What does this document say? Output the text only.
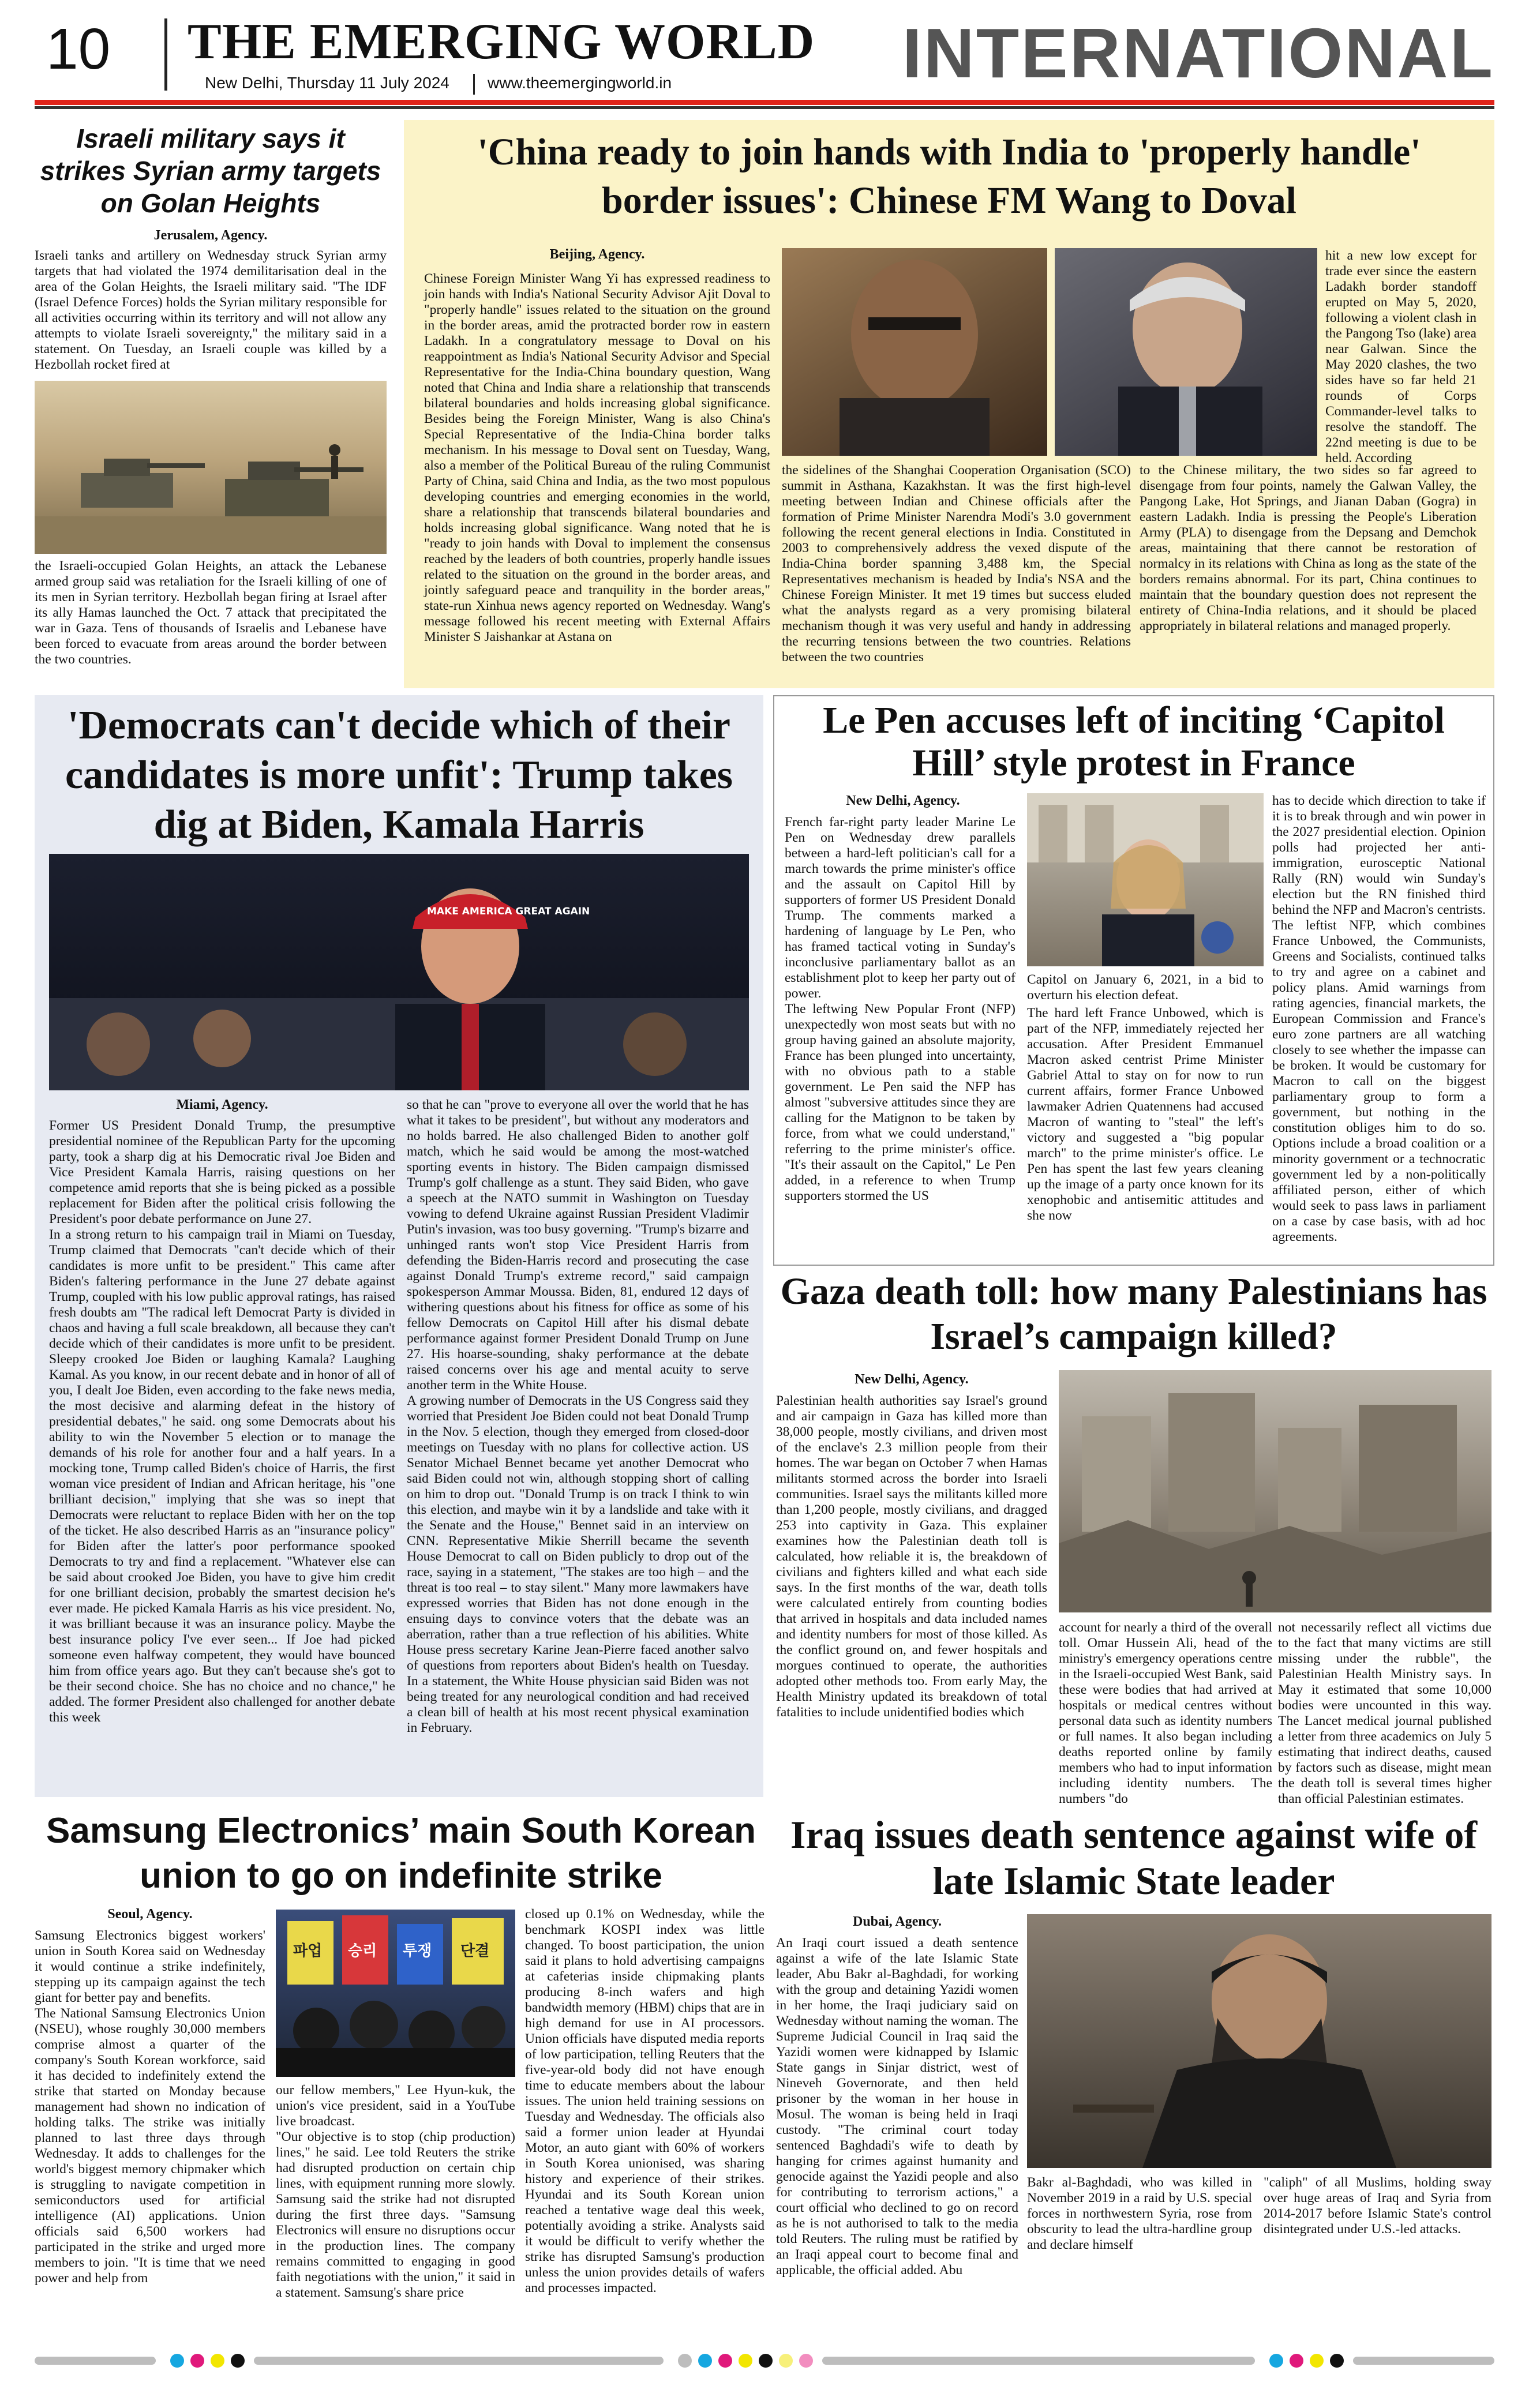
10 THE EMERGING WORLD
New Delhi, Thursday 11 July 2024 www.theemergingworld.in	INTERNATIONAL
Israeli military says it strikes Syrian army targets on Golan Heights
Jerusalem, Agency.
Israeli tanks and artillery on Wednesday struck Syrian army targets that had violated the 1974 demilitarisation deal in the area of the Golan Heights, the Israeli military said. "The IDF (Israel Defence Forces) holds the Syrian military responsible for all activities occurring within its territory and will not allow any attempts to violate Israeli sovereignty," the military said in a statement. On Tuesday, an Israeli couple was killed by a Hezbollah rocket fired at
the Israeli-occupied Golan Heights, an attack the Lebanese armed group said was retaliation for the Israeli killing of one of its men in Syrian territory. Hezbollah began firing at Israel after its ally Hamas launched the Oct. 7 attack that precipitated the war in Gaza. Tens of thousands of Israelis and Lebanese have been forced to evacuate from areas around the border between the two countries.
'China ready to join hands with India to 'properly handle' border issues': Chinese FM Wang to Doval
Beijing, Agency.
Chinese Foreign Minister Wang Yi has expressed readiness to join hands with India's National Security Advisor Ajit Doval to "properly handle" issues related to the situation on the ground in the border areas, amid the protracted border row in eastern Ladakh. In a congratulatory message to Doval on his reappointment as India's National Security Advisor and Special Representative for the India-China boundary question, Wang noted that China and India share a relationship that transcends bilateral boundaries and holds increasing global significance. Besides being the Foreign Minister, Wang is also China's Special Representative of the India-China border talks mechanism. In his message to Doval sent on Tuesday, Wang, also a member of the Political Bureau of the ruling Communist Party of China, said China and India, as the two most populous developing countries and emerging economies in the world, share a relationship that transcends bilateral boundaries and holds increasing global significance. Wang noted that he is "ready to join hands with Doval to implement the consensus reached by the leaders of both countries, properly handle issues related to the situation on the ground in the border areas, and jointly safeguard peace and tranquility in the border areas," state-run Xinhua news agency reported on Wednesday. Wang's message followed his recent meeting with External Affairs Minister S Jaishankar at Astana on
the sidelines of the Shanghai Cooperation Organisation (SCO) summit in Asthana, Kazakhstan. It was the first high-level meeting between Indian and Chinese officials after the formation of Prime Minister Narendra Modi's 3.0 government following the recent general elections in India. Constituted in 2003 to comprehensively address the vexed dispute of the India-China border spanning 3,488 km, the Special Representatives mechanism is headed by India's NSA and the Chinese Foreign Minister. It met 19 times but success eluded what the analysts regard as a very promising bilateral mechanism though it was very useful and handy in addressing the recurring tensions between the two countries. Relations between the two countries
hit a new low except for trade ever since the eastern Ladakh border standoff erupted on May 5, 2020, following a violent clash in the Pangong Tso (lake) area near Galwan. Since the May 2020 clashes, the two sides have so far held 21 rounds of Corps Commander-level talks to resolve the standoff. The 22nd meeting is due to be held. According
to the Chinese military, the two sides so far agreed to disengage from four points, namely the Galwan Valley, the Pangong Lake, Hot Springs, and Jianan Daban (Gogra) in eastern Ladakh. India is pressing the People's Liberation Army (PLA) to disengage from the Depsang and Demchok areas, maintaining that there cannot be restoration of normalcy in its relations with China as long as the state of the borders remains abnormal. For its part, China continues to maintain that the boundary question does not represent the entirety of China-India relations, and it should be placed appropriately in bilateral relations and managed properly.
'Democrats can't decide which of their candidates is more unfit': Trump takes dig at Biden, Kamala Harris
MAKE AMERICA GREAT AGAIN
Miami, Agency.
Former US President Donald Trump, the presumptive presidential nominee of the Republican Party for the upcoming party, took a sharp dig at his Democratic rival Joe Biden and Vice President Kamala Harris, raising questions on her competence amid reports that she is being picked as a possible replacement for Biden after the political crisis following the President's poor debate performance on June 27.
In a strong return to his campaign trail in Miami on Tuesday, Trump claimed that Democrats "can't decide which of their candidates is more unfit to be president." This came after Biden's faltering performance in the June 27 debate against Trump, coupled with his low public approval ratings, has raised fresh doubts am "The radical left Democrat Party is divided in chaos and having a full scale breakdown, all because they can't decide which of their candidates is more unfit to be president. Sleepy crooked Joe Biden or laughing Kamala? Laughing Kamal. As you know, in our recent debate and in honor of all of you, I dealt Joe Biden, even according to the fake news media, the most decisive and alarming defeat in the history of presidential debates," he said. ong some Democrats about his ability to win the November 5 election or to manage the demands of his role for another four and a half years. In a mocking tone, Trump called Biden's choice of Harris, the first woman vice president of Indian and African heritage, his "one brilliant decision," implying that she was so inept that Democrats were reluctant to replace Biden with her on the top of the ticket. He also described Harris as an "insurance policy" for Biden after the latter's poor performance spooked Democrats to try and find a replacement. "Whatever else can be said about crooked Joe Biden, you have to give him credit for one brilliant decision, probably the smartest decision he's ever made. He picked Kamala Harris as his vice president. No, it was brilliant because it was an insurance policy. Maybe the best insurance policy I've ever seen... If Joe had picked someone even halfway competent, they would have bounced him from office years ago. But they can't because she's got to be their second choice. She has no choice and no chance," he added. The former President also challenged for another debate this week
so that he can "prove to everyone all over the world that he has what it takes to be president", but without any moderators and no holds barred. He also challenged Biden to another golf match, which he said would be among the most-watched sporting events in history. The Biden campaign dismissed Trump's golf challenge as a stunt. They said Biden, who gave a speech at the NATO summit in Washington on Tuesday vowing to defend Ukraine against Russian President Vladimir Putin's invasion, was too busy governing. "Trump's bizarre and unhinged rants won't stop Vice President Harris from defending the Biden-Harris record and prosecuting the case against Donald Trump's extreme record," said campaign spokesperson Ammar Moussa. Biden, 81, endured 12 days of withering questions about his fitness for office as some of his fellow Democrats on Capitol Hill after his dismal debate performance against former President Donald Trump on June 27. His hoarse-sounding, shaky performance at the debate raised concerns over his age and mental acuity to serve another term in the White House.
A growing number of Democrats in the US Congress said they worried that President Joe Biden could not beat Donald Trump in the Nov. 5 election, though they emerged from closed-door meetings on Tuesday with no plans for collective action. US Senator Michael Bennet became yet another Democrat who said Biden could not win, although stopping short of calling on him to drop out. "Donald Trump is on track I think to win this election, and maybe win it by a landslide and take with it the Senate and the House," Bennet said in an interview on CNN. Representative Mikie Sherrill became the seventh House Democrat to call on Biden publicly to drop out of the race, saying in a statement, "The stakes are too high – and the threat is too real – to stay silent." Many more lawmakers have expressed worries that Biden has not done enough in the ensuing days to convince voters that the debate was an aberration, rather than a true reflection of his abilities. White House press secretary Karine Jean-Pierre faced another salvo of questions from reporters about Biden's health on Tuesday. In a statement, the White House physician said Biden was not being treated for any neurological condition and had received a clean bill of health at his most recent physical examination in February.
Le Pen accuses left of inciting ‘Capitol Hill’ style protest in France
New Delhi, Agency.
French far-right party leader Marine Le Pen on Wednesday drew parallels between a hard-left politician's call for a march towards the prime minister's office and the assault on Capitol Hill by supporters of former US President Donald Trump. The comments marked a hardening of language by Le Pen, who has framed tactical voting in Sunday's inconclusive parliamentary ballot as an establishment plot to keep her party out of power.
The leftwing New Popular Front (NFP) unexpectedly won most seats but with no group having gained an absolute majority, France has been plunged into uncertainty, with no obvious path to a stable government. Le Pen said the NFP has almost "subversive attitudes since they are calling for the Matignon to be taken by force, from what we could understand," referring to the prime minister's office. "It's their assault on the Capitol," Le Pen added, in a reference to when Trump supporters stormed the US
Capitol on January 6, 2021, in a bid to overturn his election defeat.
The hard left France Unbowed, which is part of the NFP, immediately rejected her accusation. After President Emmanuel Macron asked centrist Prime Minister Gabriel Attal to stay on for now to run current affairs, former France Unbowed lawmaker Adrien Quatennens had accused Macron of wanting to "steal" the left's victory and suggested a "big popular march" to the prime minister's office. Le Pen has spent the last few years cleaning up the image of a party once known for its xenophobic and antisemitic attitudes and she now
has to decide which direction to take if it is to break through and win power in the 2027 presidential election. Opinion polls had projected her anti-immigration, eurosceptic National Rally (RN) would win Sunday's election but the RN finished third behind the NFP and Macron's centrists. The leftist NFP, which combines France Unbowed, the Communists, Greens and Socialists, continued talks to try and agree on a cabinet and policy plans. Amid warnings from rating agencies, financial markets, the European Commission and France's euro zone partners are all watching closely to see whether the impasse can be broken. It would be customary for Macron to call on the biggest parliamentary group to form a government, but nothing in the constitution obliges him to do so. Options include a broad coalition or a minority government or a technocratic government led by a non-politically affiliated person, either of which would seek to pass laws in parliament on a case by case basis, with ad hoc agreements.
Gaza death toll: how many Palestinians has Israel’s campaign killed?
New Delhi, Agency.
Palestinian health authorities say Israel's ground and air campaign in Gaza has killed more than 38,000 people, mostly civilians, and driven most of the enclave's 2.3 million people from their homes. The war began on October 7 when Hamas militants stormed across the border into Israeli communities. Israel says the militants killed more than 1,200 people, mostly civilians, and dragged 253 into captivity in Gaza. This explainer examines how the Palestinian death toll is calculated, how reliable it is, the breakdown of civilians and fighters killed and what each side says. In the first months of the war, death tolls were calculated entirely from counting bodies that arrived in hospitals and data included names and identity numbers for most of those killed. As the conflict ground on, and fewer hospitals and morgues continued to operate, the authorities adopted other methods too. From early May, the Health Ministry updated its breakdown of total fatalities to include unidentified bodies which
account for nearly a third of the overall toll. Omar Hussein Ali, head of the ministry's emergency operations centre in the Israeli-occupied West Bank, said these were bodies that had arrived at hospitals or medical centres without personal data such as identity numbers or full names. It also began including deaths reported online by family members who had to input information including identity numbers. The numbers "do
not necessarily reflect all victims due to the fact that many victims are still missing under the rubble", the Palestinian Health Ministry says. In May it estimated that some 10,000 bodies were uncounted in this way. The Lancet medical journal published a letter from three academics on July 5 estimating that indirect deaths, caused by factors such as disease, might mean the death toll is several times higher than official Palestinian estimates.
Samsung Electronics’ main South Korean union to go on indefinite strike
Seoul, Agency.
Samsung Electronics biggest workers' union in South Korea said on Wednesday it would continue a strike indefinitely, stepping up its campaign against the tech giant for better pay and benefits.
The National Samsung Electronics Union (NSEU), whose roughly 30,000 members comprise almost a quarter of the company's South Korean workforce, said it has decided to indefinitely extend the strike that started on Monday because management had shown no indication of holding talks. The strike was initially planned to last three days through Wednesday. It adds to challenges for the world's biggest memory chipmaker which is struggling to navigate competition in semiconductors used for artificial intelligence (AI) applications. Union officials said 6,500 workers had participated in the strike and urged more members to join. "It is time that we need power and help from
파업 승리 투쟁 단결
our fellow members," Lee Hyun-kuk, the union's vice president, said in a YouTube live broadcast.
"Our objective is to stop (chip production) lines," he said. Lee told Reuters the strike had disrupted production on certain chip lines, with equipment running more slowly. Samsung said the strike had not disrupted during the first three days. "Samsung Electronics will ensure no disruptions occur in the production lines. The company remains committed to engaging in good faith negotiations with the union," it said in a statement. Samsung's share price
closed up 0.1% on Wednesday, while the benchmark KOSPI index was little changed. To boost participation, the union said it plans to hold advertising campaigns at cafeterias inside chipmaking plants producing 8-inch wafers and high bandwidth memory (HBM) chips that are in high demand for use in AI processors. Union officials have disputed media reports of low participation, telling Reuters that the five-year-old body did not have enough time to educate members about the labour issues. The union held training sessions on Tuesday and Wednesday. The officials also said a former union leader at Hyundai Motor, an auto giant with 60% of workers in South Korea unionised, was sharing history and experience of their strikes. Hyundai and its South Korean union reached a tentative wage deal this week, potentially avoiding a strike. Analysts said it would be difficult to verify whether the strike has disrupted Samsung's production unless the union provides details of wafers and processes impacted.
Iraq issues death sentence against wife of late Islamic State leader
Dubai, Agency.
An Iraqi court issued a death sentence against a wife of the late Islamic State leader, Abu Bakr al-Baghdadi, for working with the group and detaining Yazidi women in her home, the Iraqi judiciary said on Wednesday without naming the woman. The Supreme Judicial Council in Iraq said the Yazidi women were kidnapped by Islamic State gangs in Sinjar district, west of Nineveh Governorate, and then held prisoner by the woman in her house in Mosul. The woman is being held in Iraqi custody. "The criminal court today sentenced Baghdadi's wife to death by hanging for crimes against humanity and genocide against the Yazidi people and also for contributing to terrorism actions," a court official who declined to go on record as he is not authorised to talk to the media told Reuters. The ruling must be ratified by an Iraqi appeal court to become final and applicable, the official added. Abu
Bakr al-Baghdadi, who was killed in November 2019 in a raid by U.S. special forces in northwestern Syria, rose from obscurity to lead the ultra-hardline group and declare himself
"caliph" of all Muslims, holding sway over huge areas of Iraq and Syria from 2014-2017 before Islamic State's control disintegrated under U.S.-led attacks.
